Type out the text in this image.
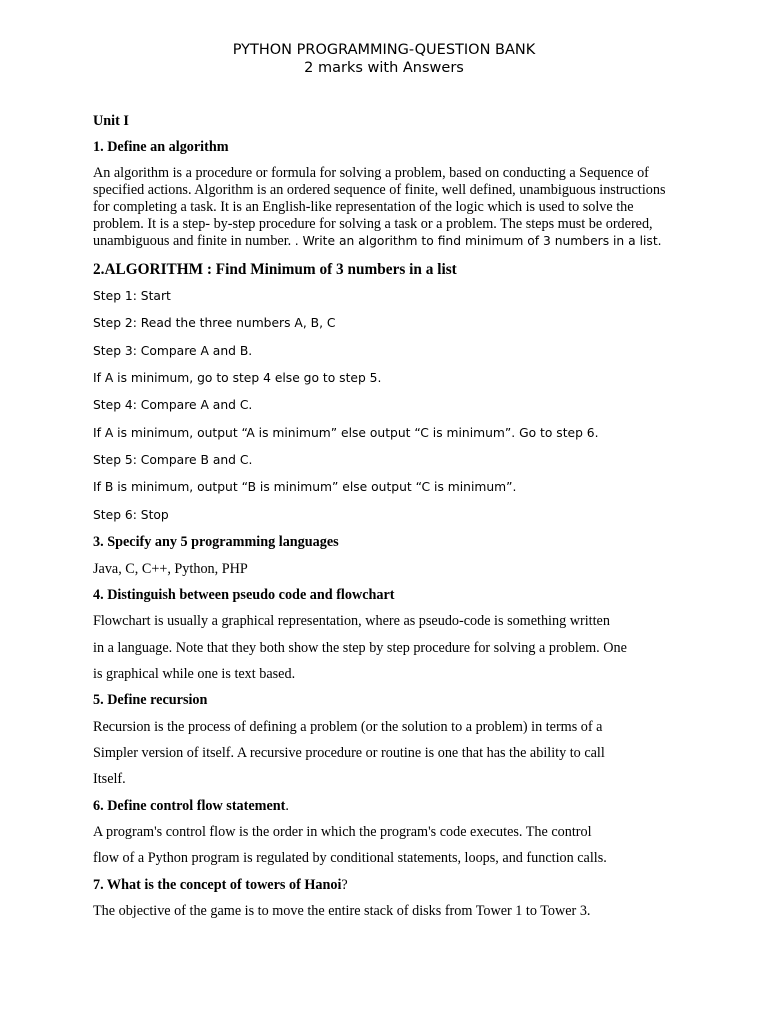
PYTHON PROGRAMMING-QUESTION BANK
2 marks with Answers
Unit I
1. Define an algorithm
An algorithm is a procedure or formula for solving a problem, based on conducting a Sequence of specified actions. Algorithm is an ordered sequence of finite, well defined, unambiguous instructions for completing a task. It is an English-like representation of the logic which is used to solve the problem. It is a step- by-step procedure for solving a task or a problem. The steps must be ordered, unambiguous and finite in number. . Write an algorithm to find minimum of 3 numbers in a list.
2.ALGORITHM : Find Minimum of 3 numbers in a list
Step 1: Start
Step 2: Read the three numbers A, B, C
Step 3: Compare A and B.
If A is minimum, go to step 4 else go to step 5.
Step 4: Compare A and C.
If A is minimum, output “A is minimum” else output “C is minimum”. Go to step 6.
Step 5: Compare B and C.
If B is minimum, output “B is minimum” else output “C is minimum”.
Step 6: Stop
3. Specify any 5 programming languages
Java, C, C++, Python, PHP
4. Distinguish between pseudo code and flowchart
Flowchart is usually a graphical representation, where as pseudo-code is something written
in a language. Note that they both show the step by step procedure for solving a problem. One
is graphical while one is text based.
5. Define recursion
Recursion is the process of defining a problem (or the solution to a problem) in terms of a
Simpler version of itself. A recursive procedure or routine is one that has the ability to call
Itself.
6. Define control flow statement.
A program's control flow is the order in which the program's code executes. The control
flow of a Python program is regulated by conditional statements, loops, and function calls.
7. What is the concept of towers of Hanoi?
The objective of the game is to move the entire stack of disks from Tower 1 to Tower 3.
